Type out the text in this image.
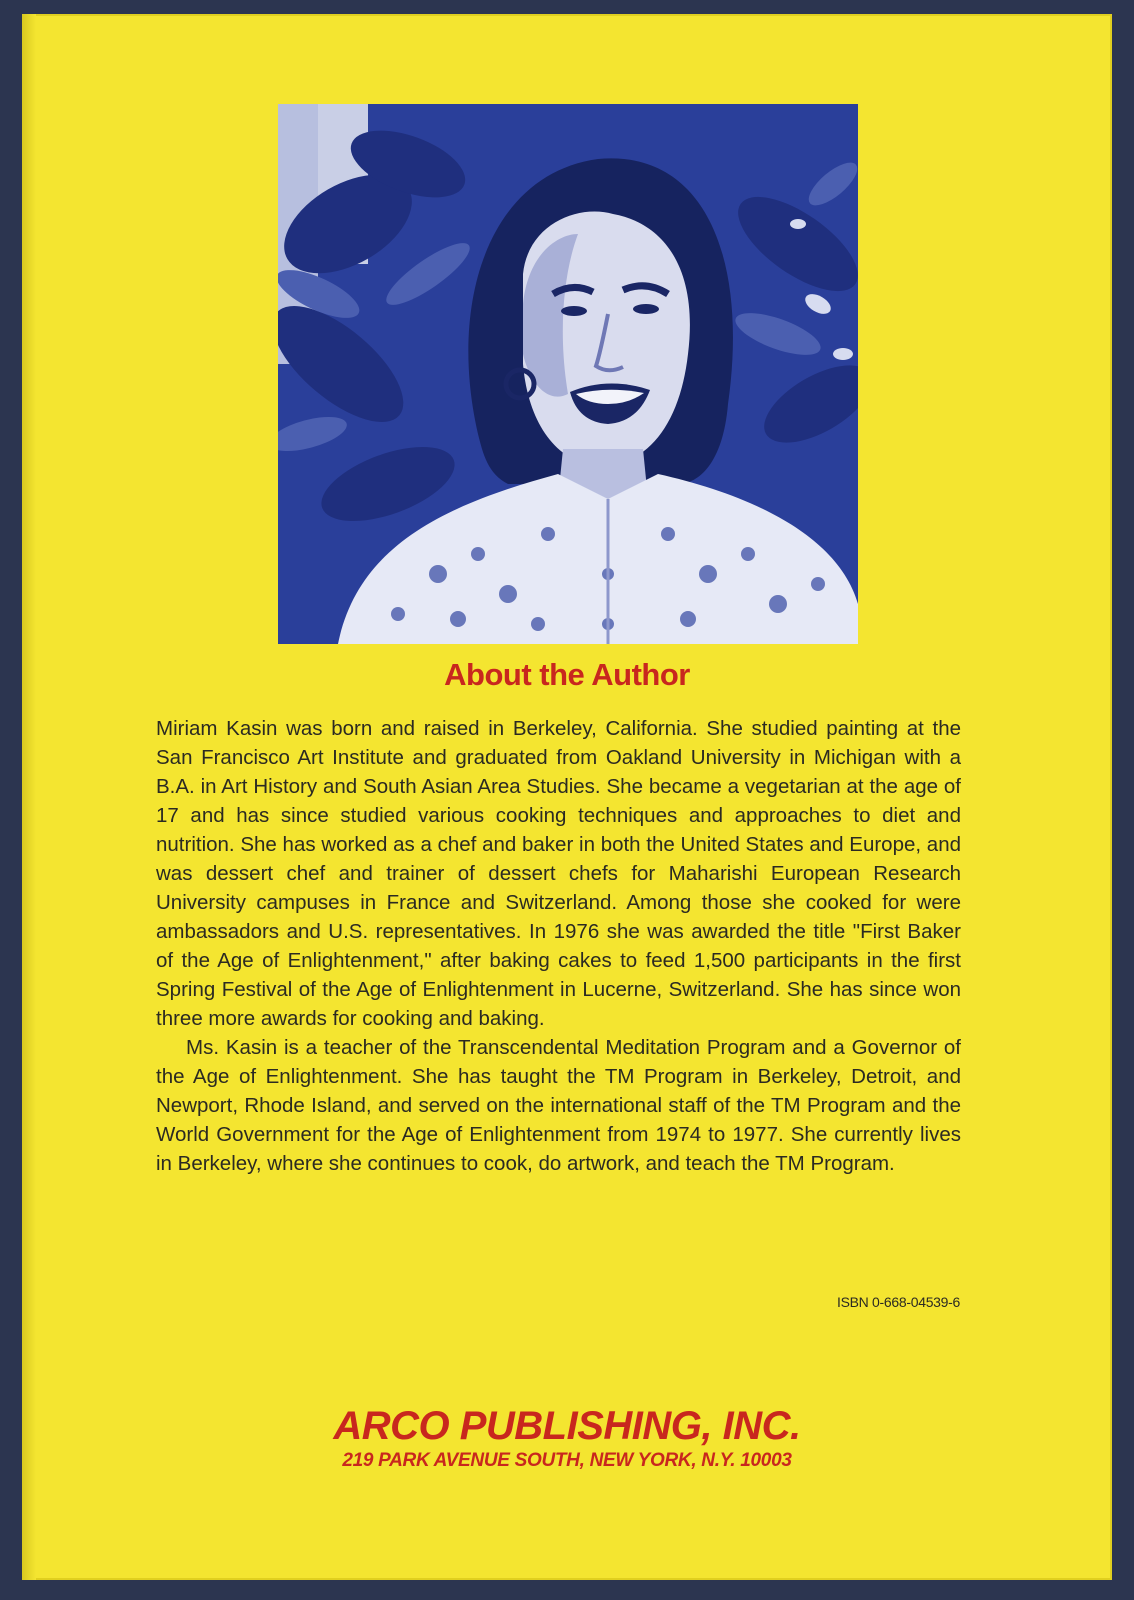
About the Author

Miriam Kasin was born and raised in Berkeley, California. She studied painting at the San Francisco Art Institute and graduated from Oakland University in Michigan with a B.A. in Art History and South Asian Area Studies. She became a vegetarian at the age of 17 and has since studied various cooking techniques and approaches to diet and nutrition. She has worked as a chef and baker in both the United States and Europe, and was dessert chef and trainer of dessert chefs for Maharishi European Research University campuses in France and Switzerland. Among those she cooked for were ambassadors and U.S. representatives. In 1976 she was awarded the title "First Baker of the Age of Enlightenment," after baking cakes to feed 1,500 participants in the first Spring Festival of the Age of Enlightenment in Lucerne, Switzerland. She has since won three more awards for cooking and baking.

Ms. Kasin is a teacher of the Transcendental Meditation Program and a Governor of the Age of Enlightenment. She has taught the TM Program in Berkeley, Detroit, and Newport, Rhode Island, and served on the international staff of the TM Program and the World Government for the Age of Enlightenment from 1974 to 1977. She currently lives in Berkeley, where she continues to cook, do artwork, and teach the TM Program.

ISBN 0-668-04539-6
ARCO PUBLISHING, INC.
219 PARK AVENUE SOUTH, NEW YORK, N.Y. 10003
